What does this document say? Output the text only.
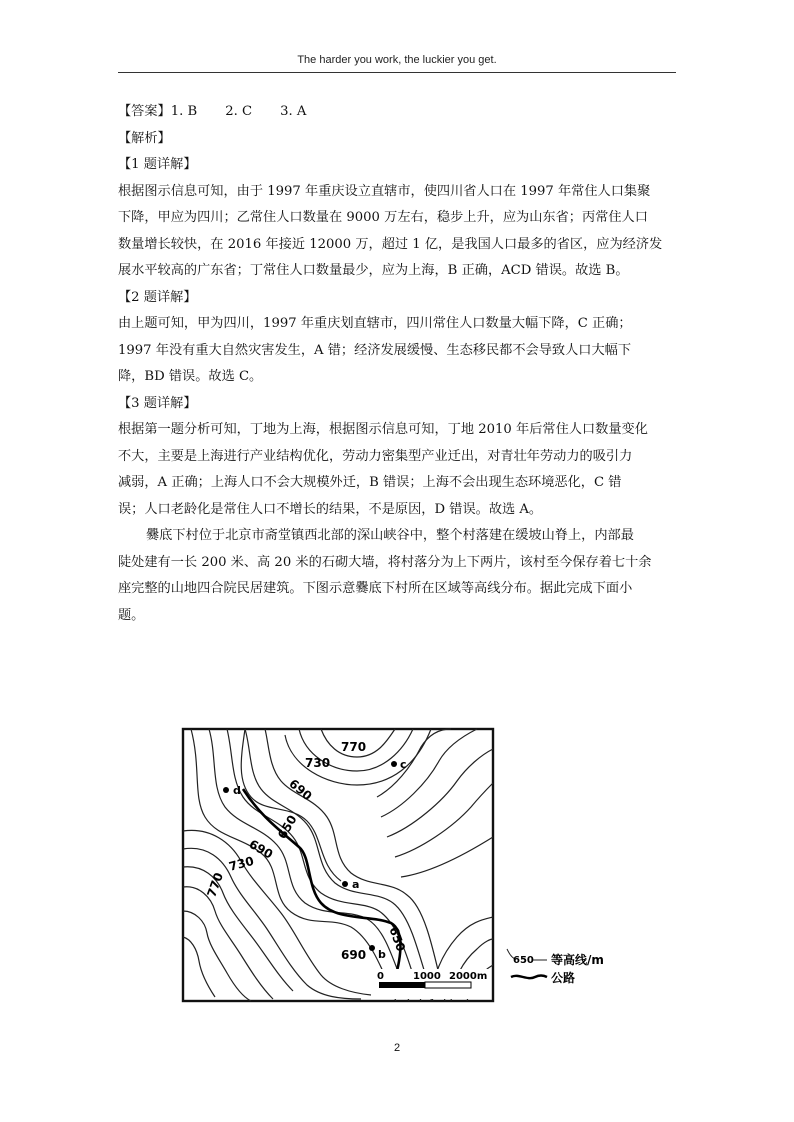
The harder you work, the luckier you get.
【答案】1. B 2. C 3. A
【解析】
【1 题详解】
根据图示信息可知，由于 1997 年重庆设立直辖市，使四川省人口在 1997 年常住人口集聚
下降，甲应为四川；乙常住人口数量在 9000 万左右，稳步上升，应为山东省；丙常住人口
数量增长较快，在 2016 年接近 12000 万，超过 1 亿，是我国人口最多的省区，应为经济发
展水平较高的广东省；丁常住人口数量最少，应为上海，B 正确，ACD 错误。故选 B。
【2 题详解】
由上题可知，甲为四川，1997 年重庆划直辖市，四川常住人口数量大幅下降，C 正确；
1997 年没有重大自然灾害发生，A 错；经济发展缓慢、生态移民都不会导致人口大幅下
降，BD 错误。故选 C。
【3 题详解】
根据第一题分析可知，丁地为上海，根据图示信息可知，丁地 2010 年后常住人口数量变化
不大，主要是上海进行产业结构优化，劳动力密集型产业迁出，对青壮年劳动力的吸引力
减弱，A 正确；上海人口不会大规模外迁，B 错误；上海不会出现生态环境恶化，C 错
误；人口老龄化是常住人口不增长的结果，不是原因，D 错误。故选 A。
爨底下村位于北京市斋堂镇西北部的深山峡谷中，整个村落建在缓坡山脊上，内部最
陡处建有一长 200 米、高 20 米的石砌大墙，将村落分为上下两片，该村至今保存着七十余
座完整的山地四合院民居建筑。下图示意爨底下村所在区域等高线分布。据此完成下面小
题。
0	1000 2000m
770
730
690
650
690
730
770
650
690
a
b
c
d
650 等高线/m
公路
2
